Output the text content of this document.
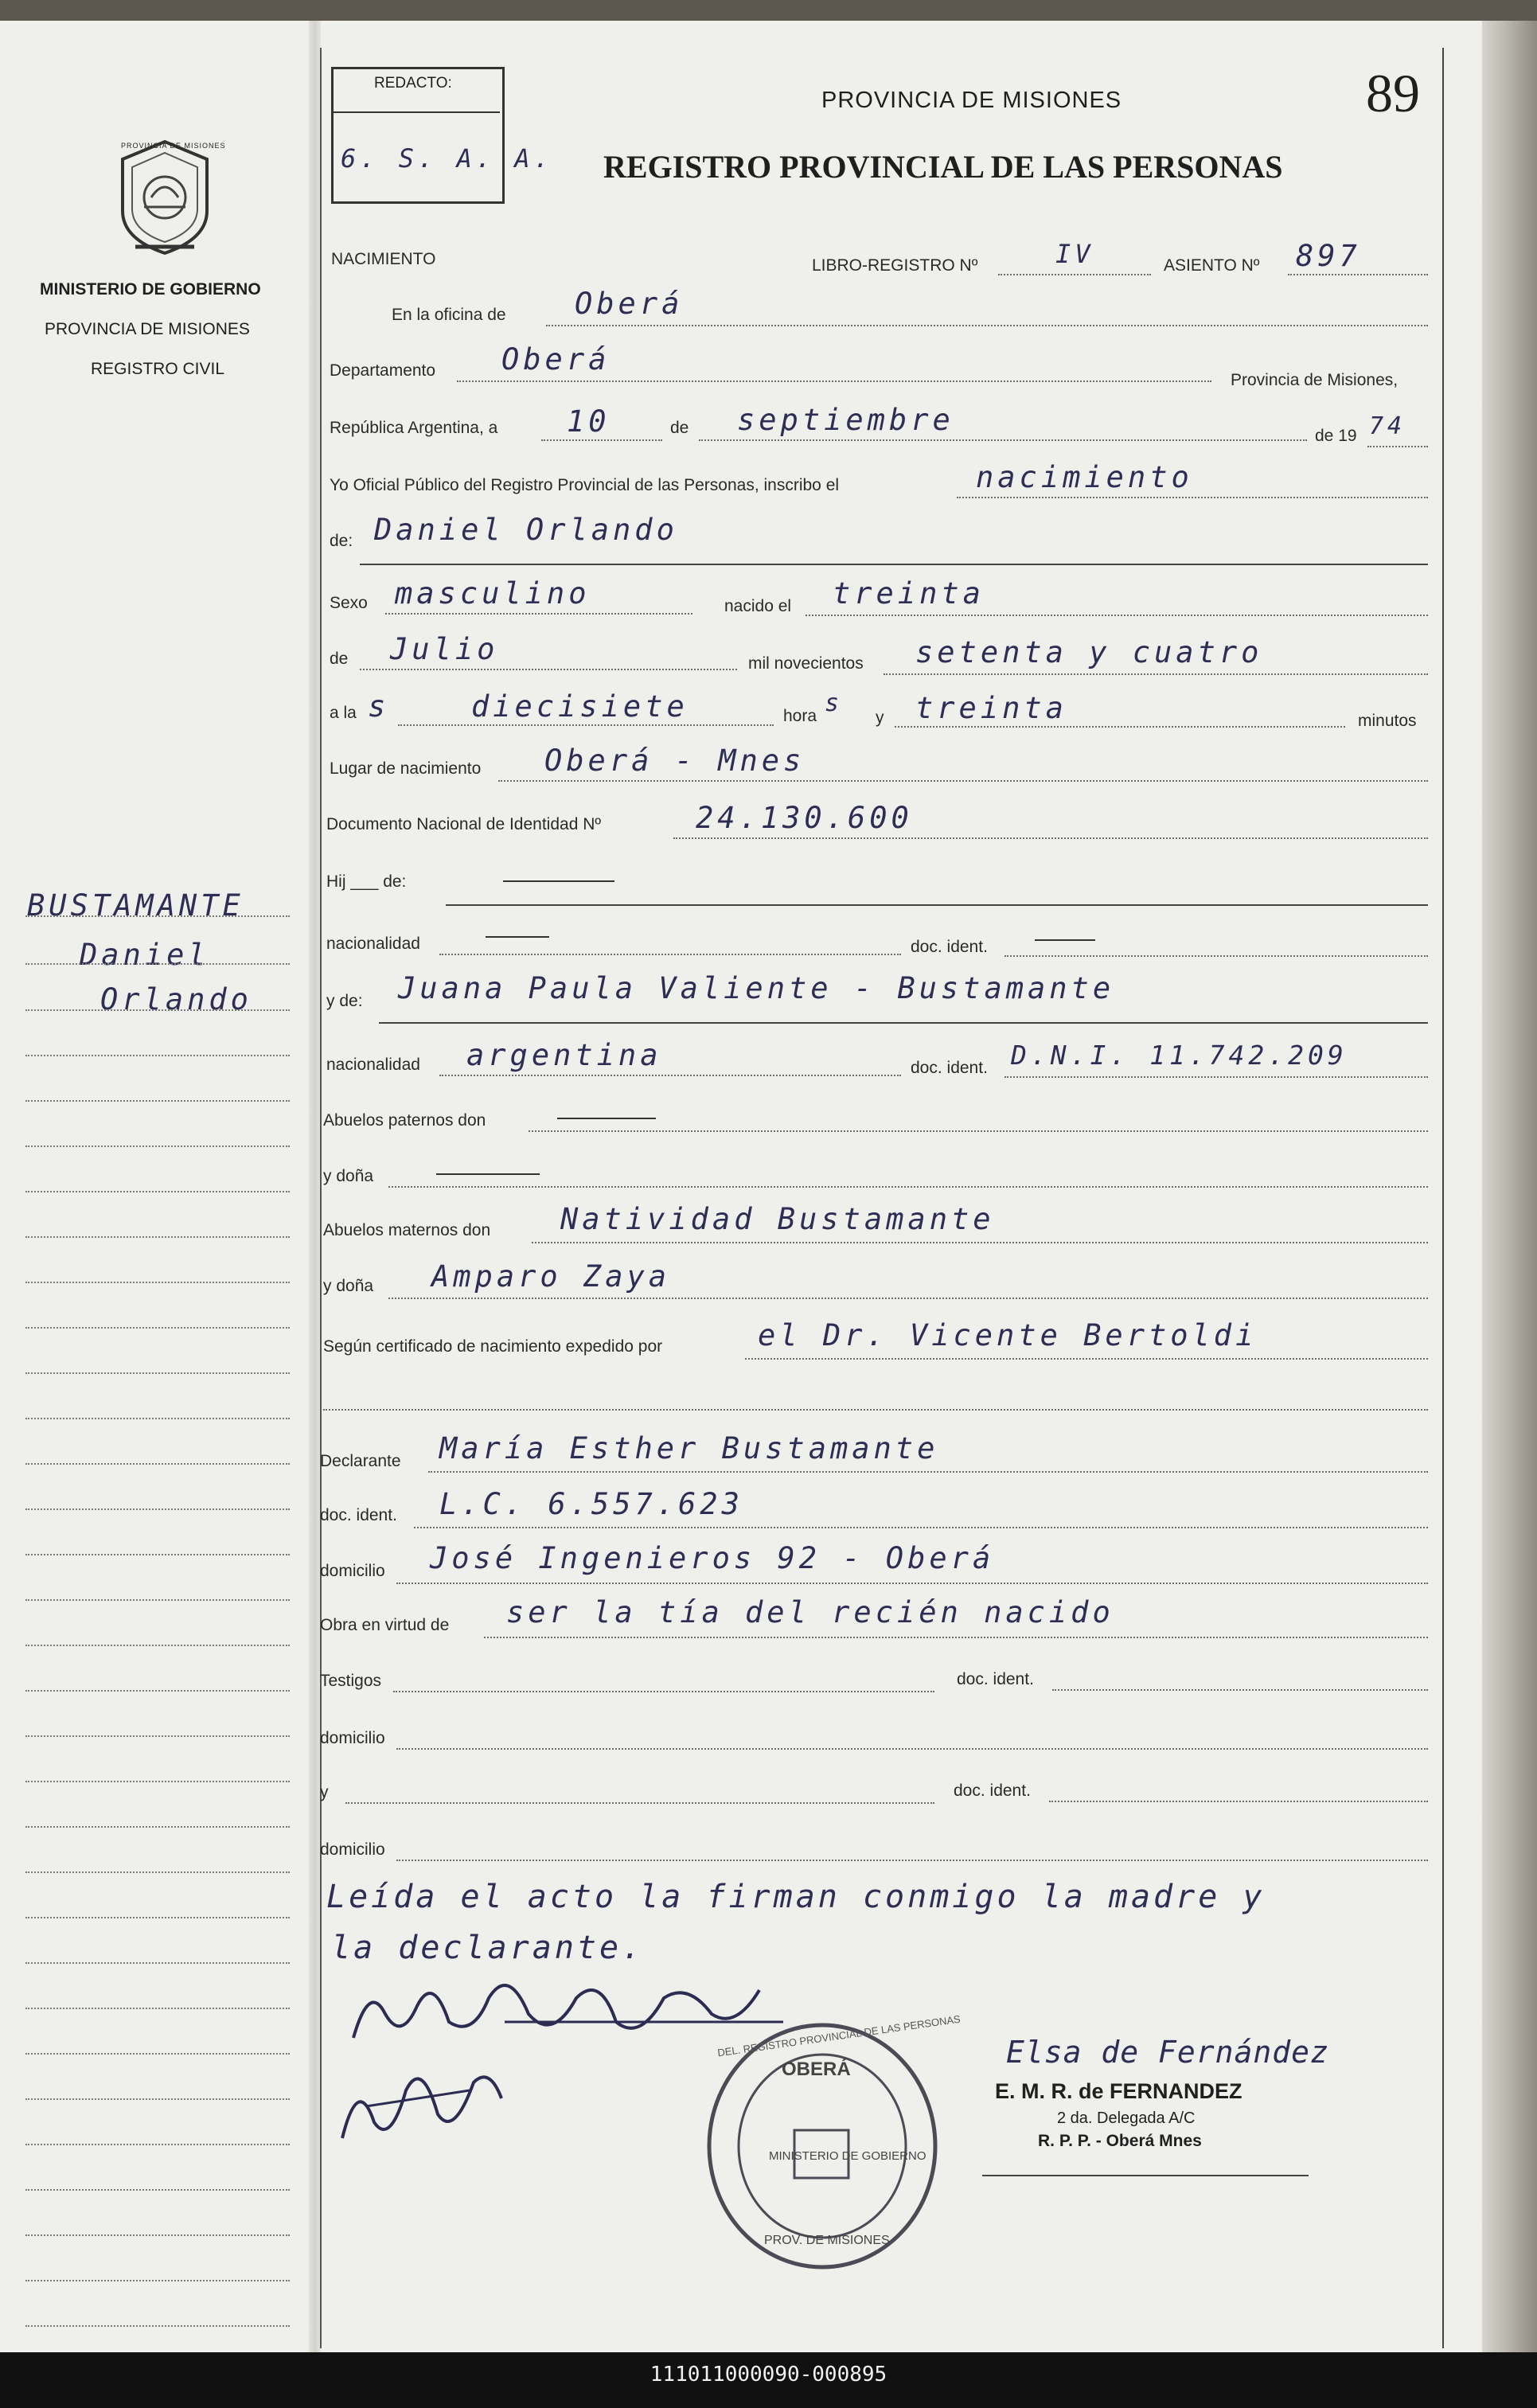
PROVINCIA DE MISIONES
MINISTERIO DE GOBIERNO
PROVINCIA DE MISIONES
REGISTRO CIVIL
BUSTAMANTE
Daniel
Orlando
REDACTO:
6. S. A. A.
PROVINCIA DE MISIONES
REGISTRO PROVINCIAL DE LAS PERSONAS
89
NACIMIENTO	LIBRO-REGISTRO Nº	IV	ASIENTO Nº 897
En la oficina de Oberá
Departamento Oberá
Provincia de Misiones,
República Argentina, a 10	de septiembre	de 19 74
Yo Oficial Público del Registro Provincial de las Personas, inscribo el	nacimiento
de: Daniel Orlando
Sexo masculino	nacido el treinta
de Julio	mil novecientos setenta y cuatro
a la s	diecisiete	hora s
y treinta	minutos
Lugar de nacimiento Oberá - Mnes
Documento Nacional de Identidad Nº	24.130.600
Hij ___ de:
nacionalidad	doc. ident.
y de: Juana Paula Valiente - Bustamante
nacionalidad argentina	doc. ident. D.N.I. 11.742.209
Abuelos paternos don
y doña
Abuelos maternos don Natividad Bustamante
y doña Amparo Zaya
Según certificado de nacimiento expedido por	el Dr. Vicente Bertoldi
Declarante María Esther Bustamante
doc. ident. L.C. 6.557.623
domicilio José Ingenieros 92 - Oberá
Obra en virtud de ser la tía del recién nacido
Testigos	doc. ident.
domicilio
y	doc. ident.
domicilio
Leída el acto la firman conmigo la madre y
la declarante.
OBERÁ
DEL. REGISTRO PROVINCIAL DE LAS PERSONAS
MINISTERIO DE GOBIERNO
PROV. DE MISIONES
Elsa de Fernández
E. M. R. de FERNANDEZ
2 da. Delegada A/C
R. P. P. - Oberá Mnes
111011000090-000895
